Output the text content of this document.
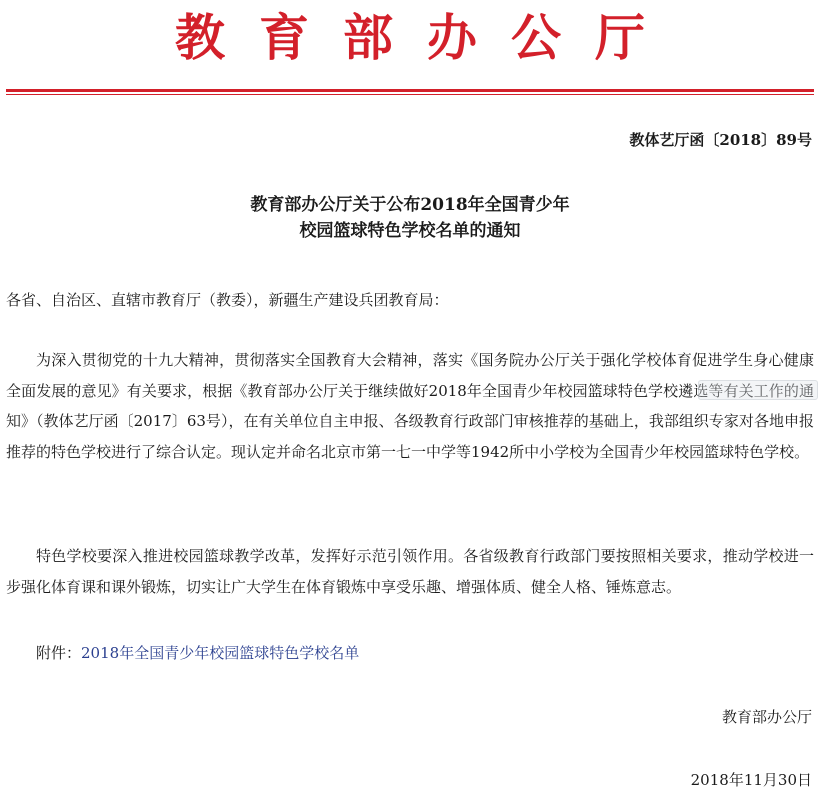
教育部办公厅
教体艺厅函〔2018〕89号
教育部办公厅关于公布2018年全国青少年
校园篮球特色学校名单的通知
各省、自治区、直辖市教育厅（教委），新疆生产建设兵团教育局：

为深入贯彻党的十九大精神，贯彻落实全国教育大会精神，落实《国务院办公厅关于强化学校体育促进学生身心健康全面发展的意见》有关要求，根据《教育部办公厅关于继续做好2018年全国青少年校园篮球特色学校遴选等有关工作的通知》（教体艺厅函〔2017〕63号），在有关单位自主申报、各级教育行政部门审核推荐的基础上，我部组织专家对各地申报推荐的特色学校进行了综合认定。现认定并命名北京市第一七一中学等1942所中小学校为全国青少年校园篮球特色学校。

特色学校要深入推进校园篮球教学改革，发挥好示范引领作用。各省级教育行政部门要按照相关要求，推动学校进一步强化体育课和课外锻炼，切实让广大学生在体育锻炼中享受乐趣、增强体质、健全人格、锤炼意志。

附件：2018年全国青少年校园篮球特色学校名单
教育部办公厅
2018年11月30日
